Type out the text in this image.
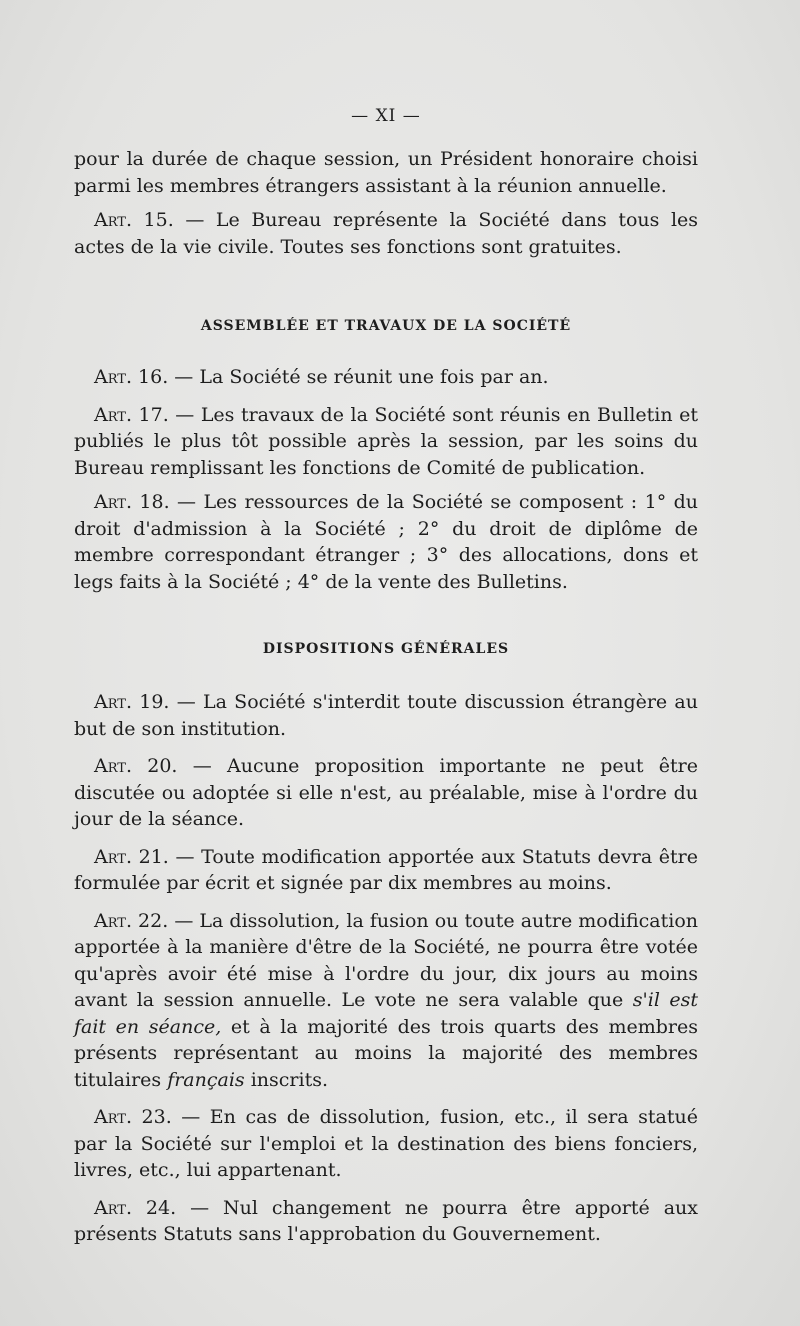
— XI —

pour la durée de chaque session, un Président honoraire choisi parmi les membres étrangers assistant à la réunion annuelle.

Art. 15. — Le Bureau représente la Société dans tous les actes de la vie civile. Toutes ses fonctions sont gratuites.

ASSEMBLÉE ET TRAVAUX DE LA SOCIÉTÉ

Art. 16. — La Société se réunit une fois par an.

Art. 17. — Les travaux de la Société sont réunis en Bulletin et publiés le plus tôt possible après la session, par les soins du Bureau remplissant les fonctions de Comité de publication.

Art. 18. — Les ressources de la Société se composent : 1° du droit d'admission à la Société ; 2° du droit de diplôme de membre correspondant étranger ; 3° des allocations, dons et legs faits à la Société ; 4° de la vente des Bulletins.

DISPOSITIONS GÉNÉRALES

Art. 19. — La Société s'interdit toute discussion étrangère au but de son institution.

Art. 20. — Aucune proposition importante ne peut être discutée ou adoptée si elle n'est, au préalable, mise à l'ordre du jour de la séance.

Art. 21. — Toute modification apportée aux Statuts devra être formulée par écrit et signée par dix membres au moins.

Art. 22. — La dissolution, la fusion ou toute autre modification apportée à la manière d'être de la Société, ne pourra être votée qu'après avoir été mise à l'ordre du jour, dix jours au moins avant la session annuelle. Le vote ne sera valable que s'il est fait en séance, et à la majorité des trois quarts des membres présents représentant au moins la majorité des membres titulaires français inscrits.

Art. 23. — En cas de dissolution, fusion, etc., il sera statué par la Société sur l'emploi et la destination des biens fonciers, livres, etc., lui appartenant.

Art. 24. — Nul changement ne pourra être apporté aux présents Statuts sans l'approbation du Gouvernement.
